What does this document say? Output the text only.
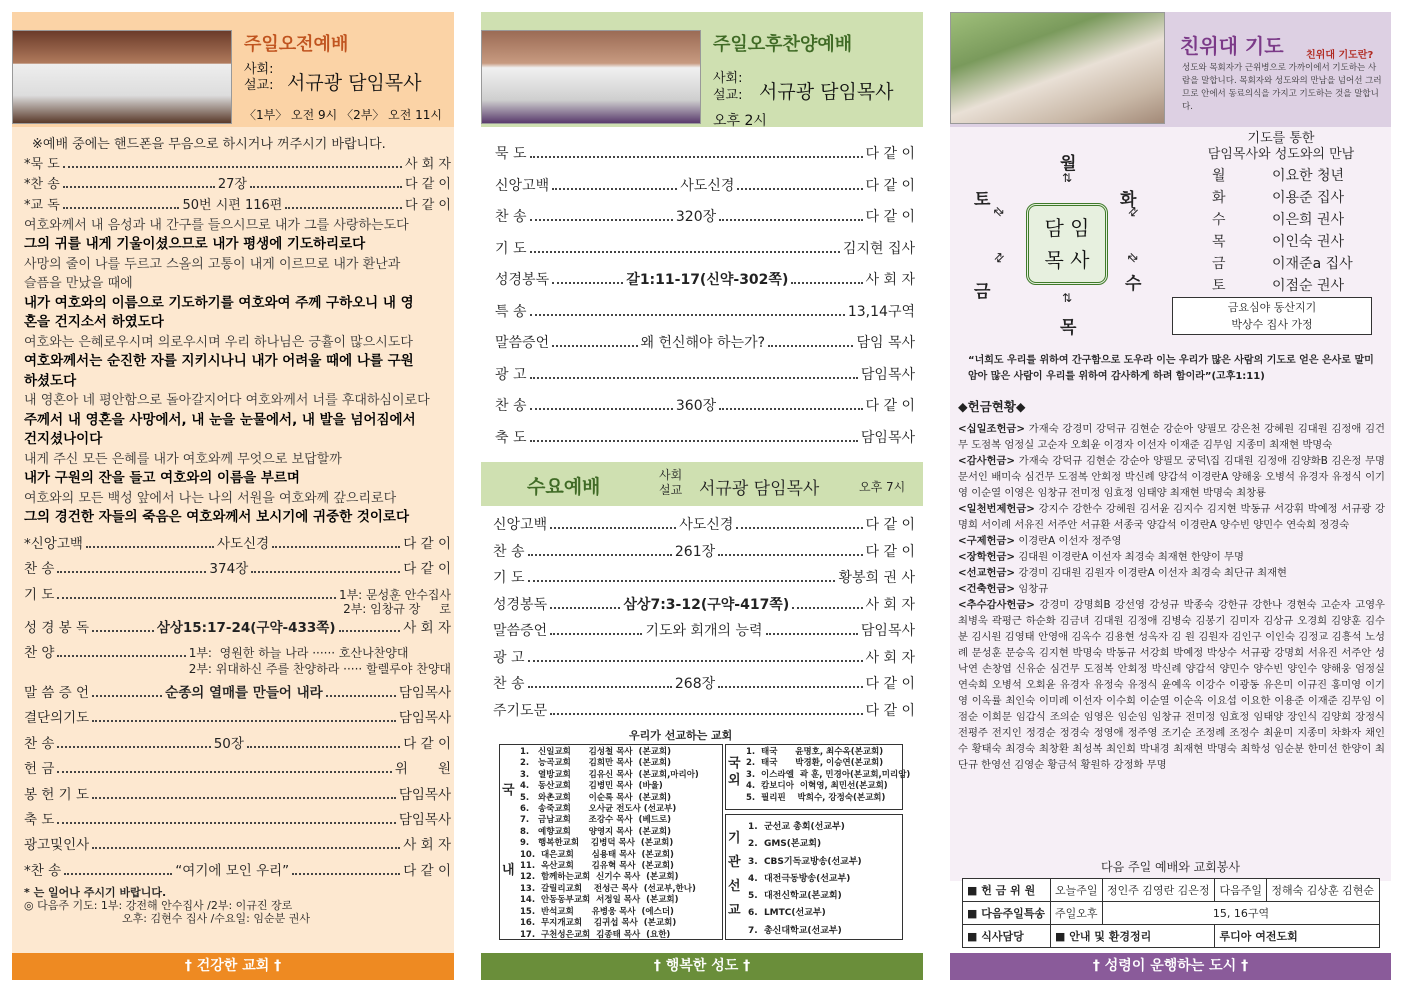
주일오전예배
사회:
설교: 서규광 담임목사
〈1부〉 오전 9시 〈2부〉 오전 11시
※예배 중에는 핸드폰을 무음으로 하시거나 꺼주시기 바랍니다.
*묵 도	사 회 자
*찬 송	27장	다 같 이
*교 독	50번 시편 116편	다 같 이
여호와께서 내 음성과 내 간구를 들으시므로 내가 그를 사랑하는도다
그의 귀를 내게 기울이셨으므로 내가 평생에 기도하리로다
사망의 줄이 나를 두르고 스올의 고통이 내게 이르므로 내가 환난과
슬픔을 만났을 때에
내가 여호와의 이름으로 기도하기를 여호와여 주께 구하오니 내 영
혼을 건지소서 하였도다
여호와는 은혜로우시며 의로우시며 우리 하나님은 긍휼이 많으시도다
여호와께서는 순진한 자를 지키시나니 내가 어려울 때에 나를 구원
하셨도다
내 영혼아 네 평안함으로 돌아갈지어다 여호와께서 너를 후대하심이로다
주께서 내 영혼을 사망에서, 내 눈을 눈물에서, 내 발을 넘어짐에서
건지셨나이다
내게 주신 모든 은혜를 내가 여호와께 무엇으로 보답할까
내가 구원의 잔을 들고 여호와의 이름을 부르며
여호와의 모든 백성 앞에서 나는 나의 서원을 여호와께 갚으리로다
그의 경건한 자들의 죽음은 여호와께서 보시기에 귀중한 것이로다
*신앙고백	사도신경	다 같 이
찬 송	374장	다 같 이
기 도	1부: 문성훈 안수집사
2부: 임창규 장     로
성 경 봉 독	삼상15:17-24(구약-433쪽)	사 회 자
찬 양	1부:  영원한 하늘 나라 ······ 호산나찬양대
2부: 위대하신 주를 찬양하라 ····· 할렐루야 찬양대
말 씀 증 언	순종의 열매를 만들어 내라	담임목사
결단의기도	담임목사
찬 송	50장	다 같 이
헌 금	위       원
봉 헌 기 도	담임목사
축 도	담임목사
광고및인사	사 회 자
*찬 송	“여기에 모인 우리”	다 같 이
* 는 일어나 주시기 바랍니다.
◎ 다음주 기도: 1부: 강전해 안수집사 /2부: 이규진 장로
오후: 김현수 집사 /수요일: 임순분 권사
† 건강한 교회 †
주일오후찬양예배
사회:
설교: 서규광 담임목사
오후 2시
묵 도	다 같 이
신앙고백	사도신경	다 같 이
찬 송	320장	다 같 이
기 도	김지현 집사
성경봉독	갈1:11-17(신약-302쪽)	사 회 자
특 송	13,14구역
말씀증언	왜 헌신해야 하는가?	담임 목사
광 고	담임목사
찬 송	360장	다 같 이
축 도	담임목사
수요예배
사회
설교 서규광 담임목사	오후 7시
신앙고백	사도신경	다 같 이
찬 송	261장	다 같 이
기 도	황봉희 권 사
성경봉독	삼상7:3-12(구약-417쪽)	사 회 자
말씀증언	기도와 회개의 능력	담임목사
광 고	사 회 자
찬 송	268장	다 같 이
주기도문	다 같 이
우리가 선교하는 교회
국

내
1.   신일교회      김성철 목사  (본교회)
2.   능곡교회      김희만 목사  (본교회)
3.   열방교회      김유신 목사  (본교회,마리아)
4.   동산교회      김병민 목사  (바울)
5.   와촌교회      이순록 목사  (본교회)
6.   송죽교회      오사균 전도사 (선교부)
7.   금남교회      조강수 목사  (베드로)
8.   예향교회      양영지 목사  (본교회)
9.   행복한교회    김병덕 목사  (본교회)
10.  대은교회      심용태 목사  (본교회)
11.  옥산교회      김유혁 목사  (본교회)
12.  함께하는교회  신기수 목사  (본교회)
13.  갈릴리교회    전성근 목사  (선교부,한나)
14.  안동동부교회  서정일 목사  (본교회)
15.  반석교회      유병웅 목사  (에스더)
16.  무지개교회    김귀섭 목사  (본교회)
17.  구천성은교회  김종태 목사  (요한)
국
외
1.  태국      윤명호, 최수옥(본교회)
2.  태국      박경환, 이승연(본교회)
3.  이스라엘  곽 훈, 민경아(본교회,미리암)
4.  캄보디아  이혁영, 최민선(본교회)
5.  필리핀    박희수, 강정숙(본교회)
기
관
선
교
1.  군선교 총회(선교부)
2.  GMS(본교회)
3.  CBS기독교방송(선교부)
4.  대전극동방송(선교부)
5.  대전신학교(본교회)
6.  LMTC(선교부)
7.  총신대학교(선교부)
† 행복한 성도 †
친위대 기도 친위대 기도란?
성도와 목회자가 근위병으로 가까이에서 기도하는 사람을 말합니다. 목회자와 성도와의 만남을 넘어선 그러므로 안에서 동료의식을 가지고 기도하는 것을 말합니다.
담 임
목 사
월
⇅
화
수
목
⇅
금
토
⇅	⇅
⇅
⇅
기도를 통한
담임목사와 성도와의 만남
월	이요한 청년
화	이용준 집사
수	이은희 권사
목	이인숙 권사
금	이재준a 집사
토	이점순 권사
금요심야 동산지기
박상수 집사 가정
“너희도 우리를 위하여 간구함으로 도우라 이는 우리가 많은 사람의 기도로 얻은 은사로 말미암아 많은 사람이 우리를 위하여 감사하게 하려 함이라”(고후1:11)
◆헌금현황◆
<십일조헌금> 가재숙 강경미 강덕규 김현순 강순아 양필모 강은천 강혜원 김대원 김정애 김건무 도점복 엄정실 고순자 오회윤 이경자 이선자 이재준 김무임 지종미 최재현 박명숙
<감사헌금> 가재숙 강덕규 김현순 강순아 양필모 궁덕\집 김대원 김정애 김양화B 김은정 무명 문서인 배미숙 심건무 도점복 안회정 박신례 양갑석 이경란A 양해웅 오병석 유경자 유정식 이기영 이순열 이영은 임창규 전미정 임효정 임태양 최재현 박명숙 최창룡
<일천번제헌금> 강지수 강한수 강혜원 김서윤 김지수 김지현 박동규 서강휘 박예정 서규광 강명희 서이례 서유진 서주안 서규환 서종국 양갑석 이경란A 양수빈 양민수 연숙희 정경숙
<구제헌금> 이경란A 이선자 정주영
<장학헌금> 김대원 이경란A 이선자 최경숙 최재현 한양이 무명
<선교헌금> 강경미 김대원 김원자 이경란A 이선자 최경숙 최단규 최재현
<건축헌금> 임창규
<추수감사헌금> 강경미 강명희B 강선영 강성규 박종숙 강한규 강한나 경현숙 고순자 고영우 최병욱 곽평근 하순화 김금녀 김대원 김정애 김병숙 김봉기 김미자 김상규 오경희 김양훈 김수분 김시원 김영태 안영애 김옥수 김용현 성옥자 김 원 김원자 김인구 이인숙 김정교 김흥석 노성례 문성훈 문승옥 김지현 박명숙 박동규 서강희 박예정 박상수 서규광 강명희 서유진 서주안 성낙연 손창엽 신유순 심건무 도점복 안회정 박신례 양갑석 양민수 양수빈 양인수 양해웅 엄정실 연숙희 오병석 오회윤 유경자 유정숙 유정식 윤예옥 이강수 이광동 유은미 이규진 홍미영 이기영 이옥률 최인숙 이미례 이선자 이수희 이순열 이순옥 이요섭 이요한 이용준 이재준 김무임 이점순 이희문 임갑식 조의순 임영은 임순임 임창규 전미정 임효정 임태양 장인식 김양희 장정식 전평주 전지인 정경순 정경숙 정영애 정주영 조기순 조정례 조정수 최윤미 지종미 차화자 채인수 황태숙 최경숙 최창환 최성복 최인희 박내경 최재현 박명숙 최학성 임순분 한미선 한양이 최단규 한영선 김영순 황금석 황원하 강정화 무명
다음 주일 예배와 교회봉사
■ 헌 금 위 원	오늘주일	정인주 김영란 김은정	다음주일	정해숙 김상훈 김현순
■ 다음주일특송	주일오후	15, 16구역		
■ 식사담당	■ 안내 및 환경정리		루디아 여전도회	
† 성령이 운행하는 도시 †
